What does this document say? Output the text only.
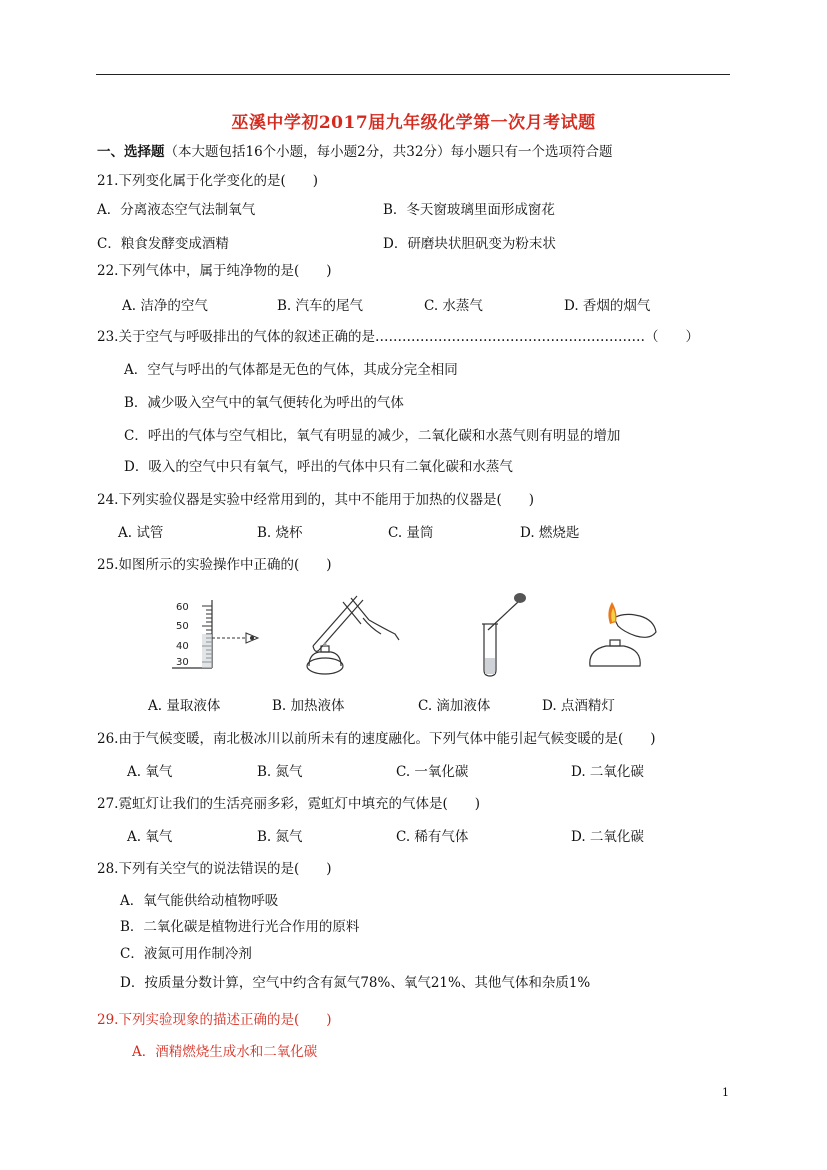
巫溪中学初2017届九年级化学第一次月考试题
一、选择题（本大题包括16个小题，每小题2分，共32分）每小题只有一个选项符合题
21.下列变化属于化学变化的是(　　)
A．分离液态空气法制氧气	B．冬天窗玻璃里面形成窗花
C．粮食发酵变成酒精	D．研磨块状胆矾变为粉末状
22.下列气体中，属于纯净物的是(　　)
A. 洁净的空气	B. 汽车的尾气	C. 水蒸气	D. 香烟的烟气
23.关于空气与呼吸排出的气体的叙述正确的是……………………………………………………（　　）
A．空气与呼出的气体都是无色的气体，其成分完全相同
B．减少吸入空气中的氧气便转化为呼出的气体
C．呼出的气体与空气相比，氧气有明显的减少，二氧化碳和水蒸气则有明显的增加
D．吸入的空气中只有氧气，呼出的气体中只有二氧化碳和水蒸气
24.下列实验仪器是实验中经常用到的，其中不能用于加热的仪器是(　　)
A. 试管	B. 烧杯	C. 量筒	D. 燃烧匙
25.如图所示的实验操作中正确的(　　)
60
50
40
30
A. 量取液体	B. 加热液体	C. 滴加液体	D. 点酒精灯
26.由于气候变暖，南北极冰川以前所未有的速度融化。下列气体中能引起气候变暖的是(　　)
A. 氧气	B. 氮气	C. 一氧化碳	D. 二氧化碳
27.霓虹灯让我们的生活亮丽多彩，霓虹灯中填充的气体是(　　)
A. 氧气	B. 氮气	C. 稀有气体	D. 二氧化碳
28.下列有关空气的说法错误的是(　　)
A．氧气能供给动植物呼吸
B．二氧化碳是植物进行光合作用的原料
C．液氮可用作制冷剂
D．按质量分数计算，空气中约含有氮气78%、氧气21%、其他气体和杂质1%
29.下列实验现象的描述正确的是(　　)
A．酒精燃烧生成水和二氧化碳
1
